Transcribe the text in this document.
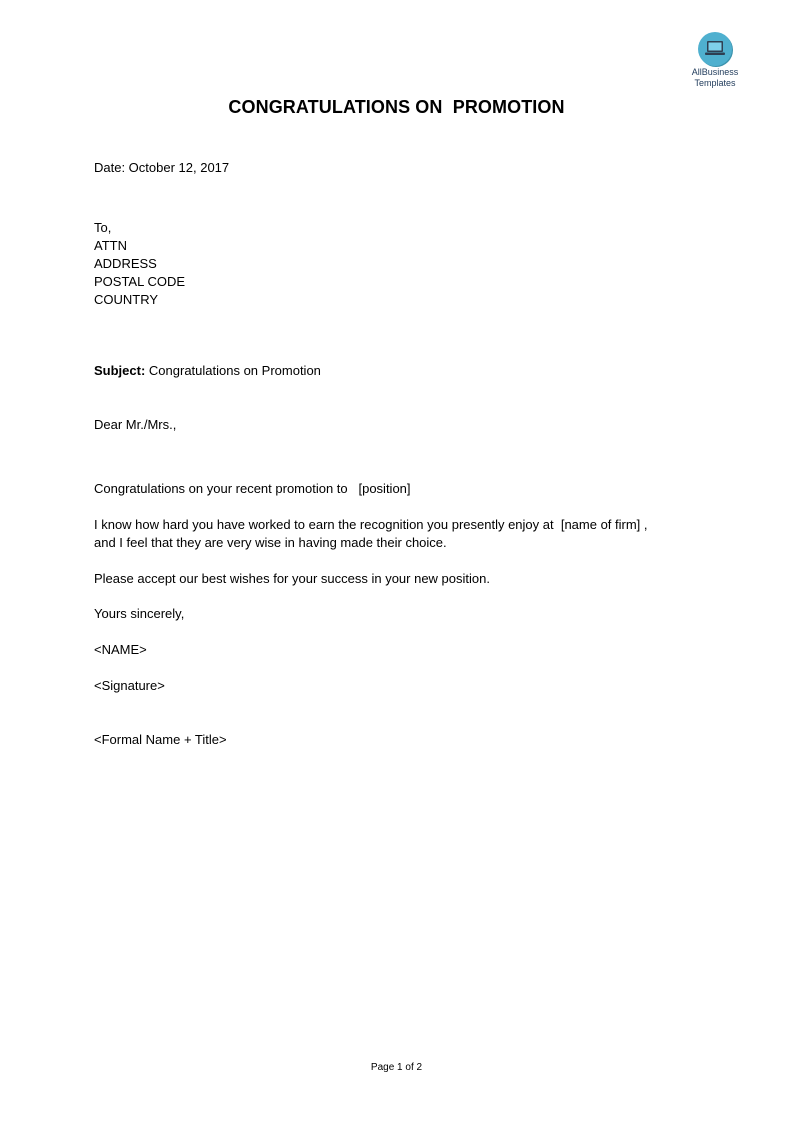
AllBusiness
Templates
CONGRATULATIONS ON  PROMOTION
Date: October 12, 2017
To,
ATTN
ADDRESS
POSTAL CODE
COUNTRY
Subject: Congratulations on Promotion
Dear Mr./Mrs.,
Congratulations on your recent promotion to   [position]
I know how hard you have worked to earn the recognition you presently enjoy at  [name of firm] ,
and I feel that they are very wise in having made their choice.
Please accept our best wishes for your success in your new position.
Yours sincerely,
<NAME>
<Signature>
<Formal Name + Title>
Page 1 of 2
